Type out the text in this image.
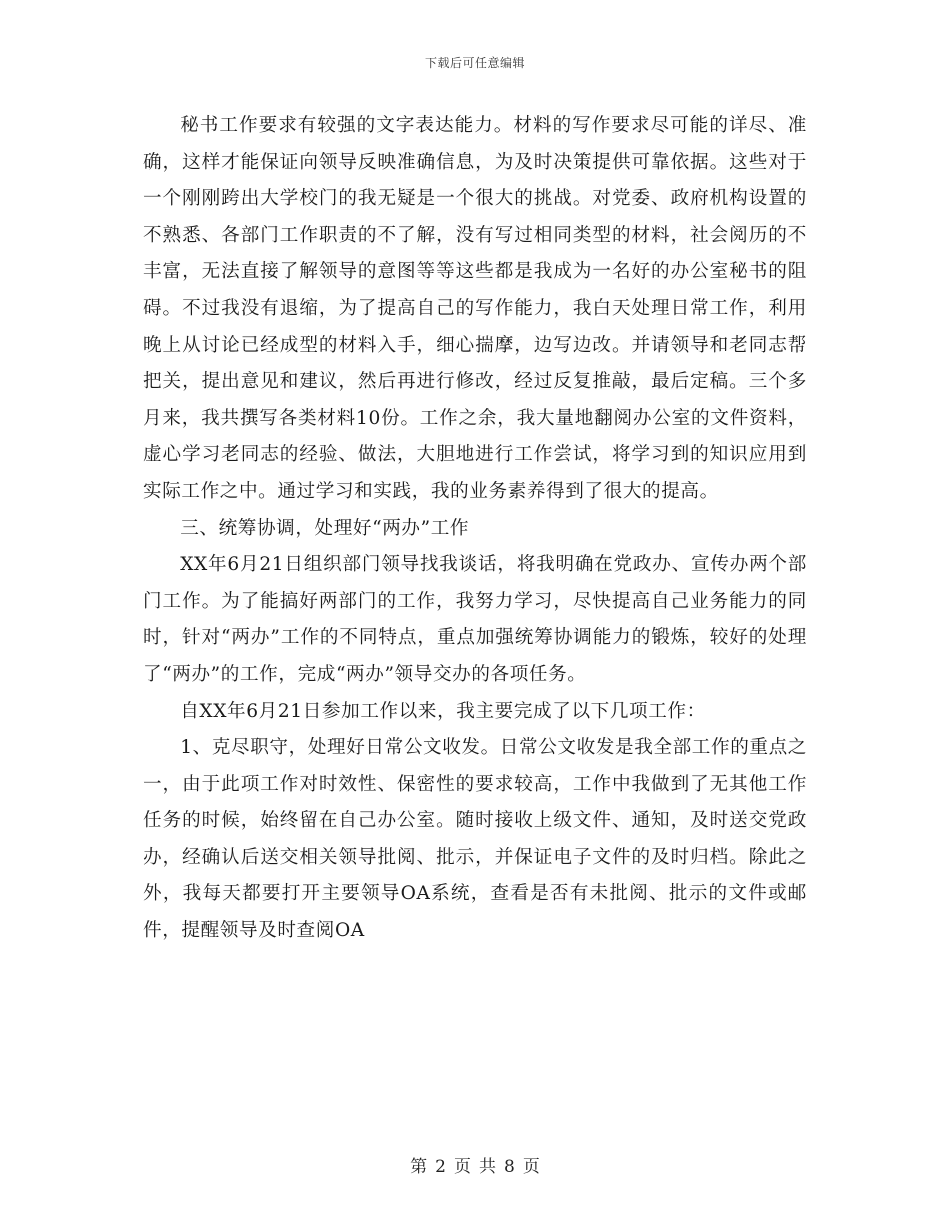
下载后可任意编辑

秘书工作要求有较强的文字表达能力。材料的写作要求尽可能的详尽、准确，这样才能保证向领导反映准确信息，为及时决策提供可靠依据。这些对于一个刚刚跨出大学校门的我无疑是一个很大的挑战。对党委、政府机构设置的不熟悉、各部门工作职责的不了解，没有写过相同类型的材料，社会阅历的不丰富，无法直接了解领导的意图等等这些都是我成为一名好的办公室秘书的阻碍。不过我没有退缩，为了提高自己的写作能力，我白天处理日常工作，利用晚上从讨论已经成型的材料入手，细心揣摩，边写边改。并请领导和老同志帮把关，提出意见和建议，然后再进行修改，经过反复推敲，最后定稿。三个多月来，我共撰写各类材料10份。工作之余，我大量地翻阅办公室的文件资料，虚心学习老同志的经验、做法，大胆地进行工作尝试，将学习到的知识应用到实际工作之中。通过学习和实践，我的业务素养得到了很大的提高。

三、统筹协调，处理好“两办”工作

XX年6月21日组织部门领导找我谈话，将我明确在党政办、宣传办两个部门工作。为了能搞好两部门的工作，我努力学习，尽快提高自己业务能力的同时，针对“两办”工作的不同特点，重点加强统筹协调能力的锻炼，较好的处理了“两办”的工作，完成“两办”领导交办的各项任务。

自XX年6月21日参加工作以来，我主要完成了以下几项工作：

1、克尽职守，处理好日常公文收发。日常公文收发是我全部工作的重点之一，由于此项工作对时效性、保密性的要求较高，工作中我做到了无其他工作任务的时候，始终留在自己办公室。随时接收上级文件、通知，及时送交党政办，经确认后送交相关领导批阅、批示，并保证电子文件的及时归档。除此之外，我每天都要打开主要领导OA系统，查看是否有未批阅、批示的文件或邮件，提醒领导及时查阅OA

第 2 页 共 8 页
